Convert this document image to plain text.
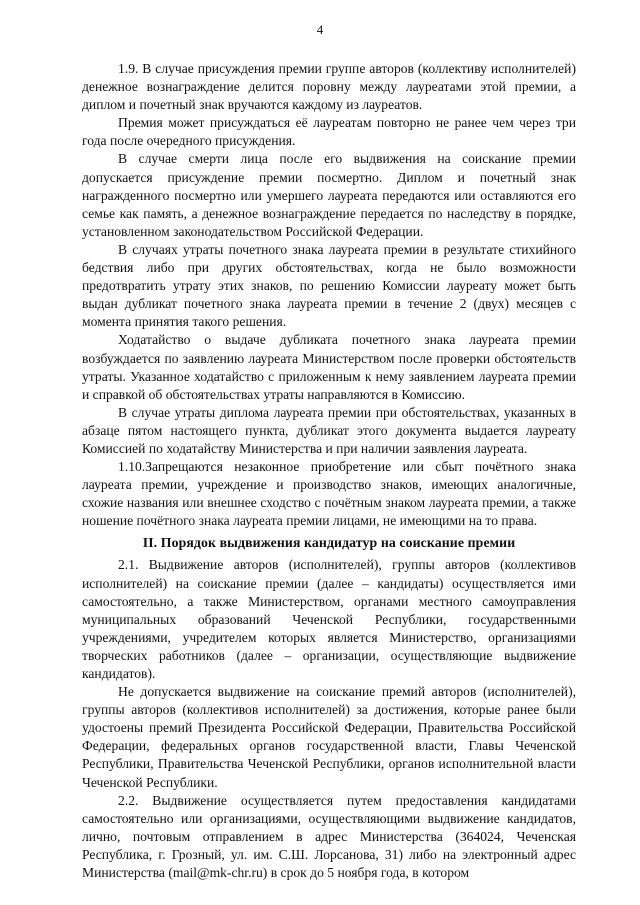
4

1.9. В случае присуждения премии группе авторов (коллективу исполнителей) денежное вознаграждение делится поровну между лауреатами этой премии, а диплом и почетный знак вручаются каждому из лауреатов.

Премия может присуждаться её лауреатам повторно не ранее чем через три года после очередного присуждения.

В случае смерти лица после его выдвижения на соискание премии допускается присуждение премии посмертно. Диплом и почетный знак награжденного посмертно или умершего лауреата передаются или оставляются его семье как память, а денежное вознаграждение передается по наследству в порядке, установленном законодательством Российской Федерации.

В случаях утраты почетного знака лауреата премии в результате стихийного бедствия либо при других обстоятельствах, когда не было возможности предотвратить утрату этих знаков, по решению Комиссии лауреату может быть выдан дубликат почетного знака лауреата премии в течение 2 (двух) месяцев с момента принятия такого решения.

Ходатайство о выдаче дубликата почетного знака лауреата премии возбуждается по заявлению лауреата Министерством после проверки обстоятельств утраты. Указанное ходатайство с приложенным к нему заявлением лауреата премии и справкой об обстоятельствах утраты направляются в Комиссию.

В случае утраты диплома лауреата премии при обстоятельствах, указанных в абзаце пятом настоящего пункта, дубликат этого документа выдается лауреату Комиссией по ходатайству Министерства и при наличии заявления лауреата.

1.10.Запрещаются незаконное приобретение или сбыт почётного знака лауреата премии, учреждение и производство знаков, имеющих аналогичные, схожие названия или внешнее сходство с почётным знаком лауреата премии, а также ношение почётного знака лауреата премии лицами, не имеющими на то права.

II. Порядок выдвижения кандидатур на соискание премии

2.1. Выдвижение авторов (исполнителей), группы авторов (коллективов исполнителей) на соискание премии (далее – кандидаты) осуществляется ими самостоятельно, а также Министерством, органами местного самоуправления муниципальных образований Чеченской Республики, государственными учреждениями, учредителем которых является Министерство, организациями творческих работников (далее – организации, осуществляющие выдвижение кандидатов).

Не допускается выдвижение на соискание премий авторов (исполнителей), группы авторов (коллективов исполнителей) за достижения, которые ранее были удостоены премий Президента Российской Федерации, Правительства Российской Федерации, федеральных органов государственной власти, Главы Чеченской Республики, Правительства Чеченской Республики, органов исполнительной власти Чеченской Республики.

2.2. Выдвижение осуществляется путем предоставления кандидатами самостоятельно или организациями, осуществляющими выдвижение кандидатов, лично, почтовым отправлением в адрес Министерства (364024, Чеченская Республика, г. Грозный, ул. им. С.Ш. Лорсанова, 31) либо на электронный адрес Министерства (mail@mk-chr.ru) в срок до 5 ноября года, в котором
